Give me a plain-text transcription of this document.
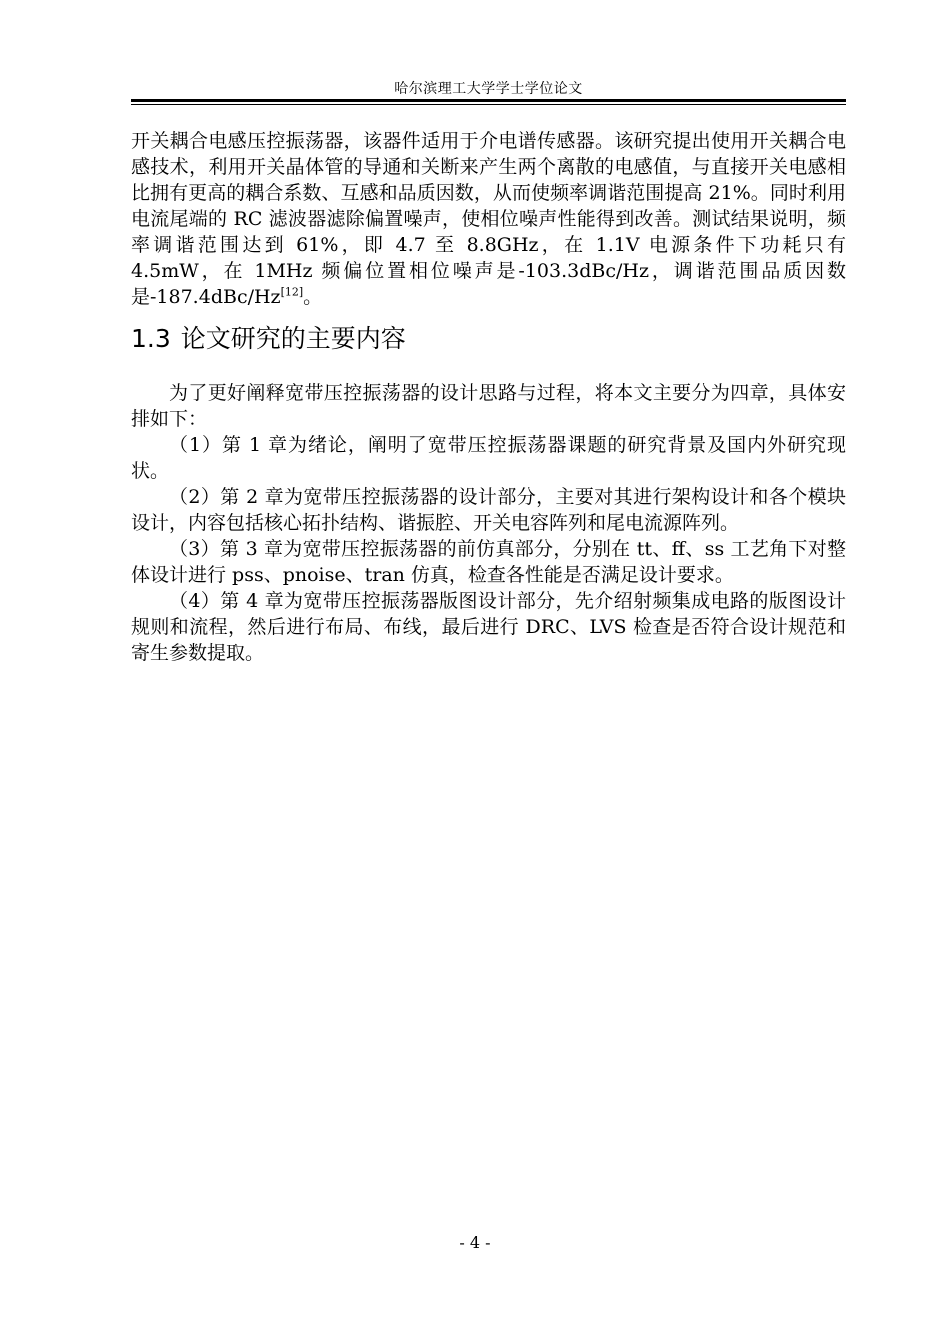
哈尔滨理工大学学士学位论文

开关耦合电感压控振荡器，该器件适用于介电谱传感器。该研究提出使用开关耦合电感技术，利用开关晶体管的导通和关断来产生两个离散的电感值，与直接开关电感相比拥有更高的耦合系数、互感和品质因数，从而使频率调谐范围提高 21%。同时利用电流尾端的 RC 滤波器滤除偏置噪声，使相位噪声性能得到改善。测试结果说明，频率调谐范围达到 61%，即 4.7 至 8.8GHz，在 1.1V 电源条件下功耗只有 4.5mW，在 1MHz 频偏位置相位噪声是-103.3dBc/Hz，调谐范围品质因数是-187.4dBc/Hz[12]。

1.3 论文研究的主要内容

为了更好阐释宽带压控振荡器的设计思路与过程，将本文主要分为四章，具体安排如下：

（1）第 1 章为绪论，阐明了宽带压控振荡器课题的研究背景及国内外研究现状。

（2）第 2 章为宽带压控振荡器的设计部分，主要对其进行架构设计和各个模块设计，内容包括核心拓扑结构、谐振腔、开关电容阵列和尾电流源阵列。

（3）第 3 章为宽带压控振荡器的前仿真部分，分别在 tt、ff、ss 工艺角下对整体设计进行 pss、pnoise、tran 仿真，检查各性能是否满足设计要求。

（4）第 4 章为宽带压控振荡器版图设计部分，先介绍射频集成电路的版图设计规则和流程，然后进行布局、布线，最后进行 DRC、LVS 检查是否符合设计规范和寄生参数提取。

- 4 -
